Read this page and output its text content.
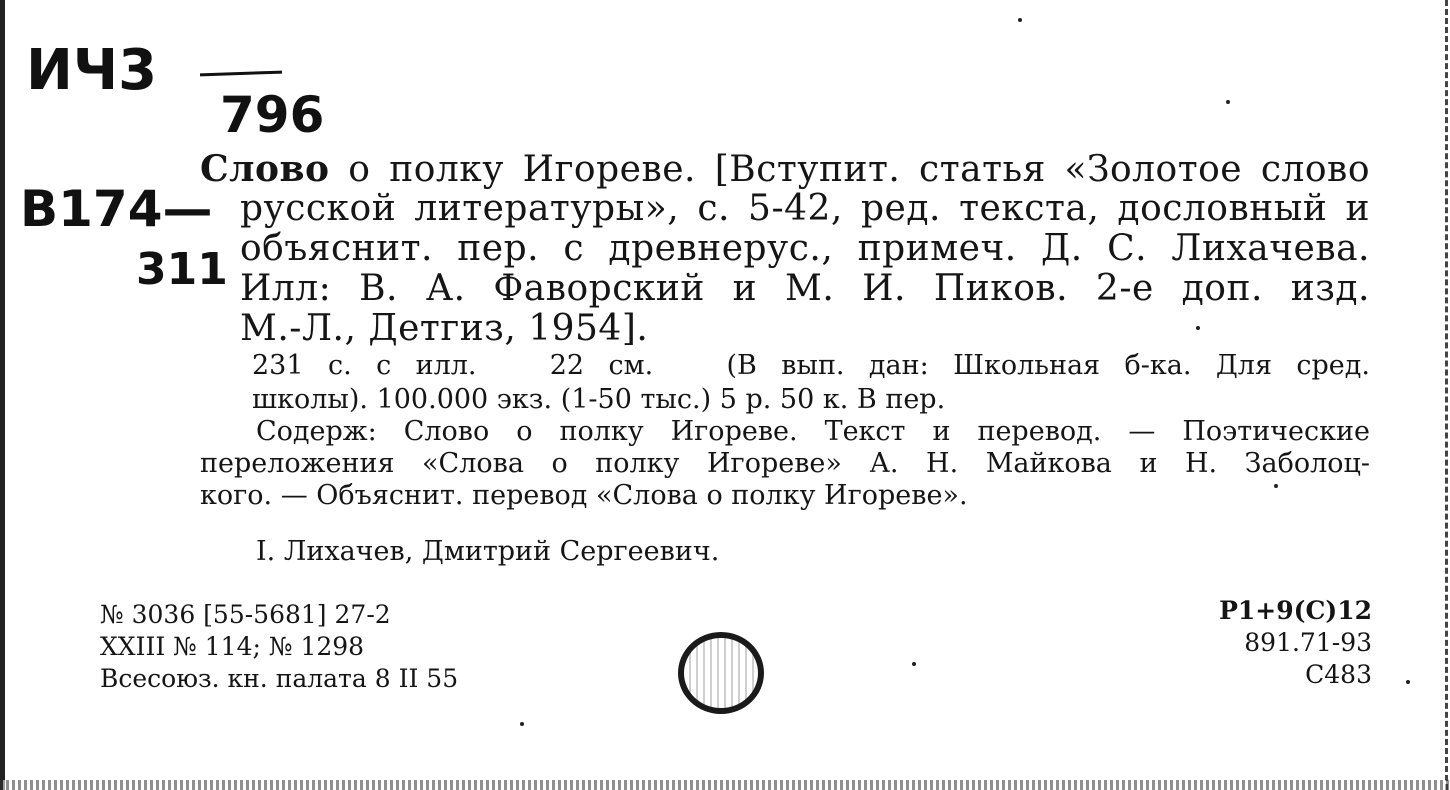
ИЧ3
796
В174—
311
Слово о полку Игореве. [Вступит. статья «Золотое слово
русской литературы», с. 5-42, ред. текста, дословный и
объяснит. пер. с древнерус., примеч. Д. С. Лихачева.
Илл: В. А. Фаворский и М. И. Пиков. 2-е доп. изд.
М.-Л., Детгиз, 1954].
231 с. с илл.   22 см.   (В вып. дан: Школьная б-ка. Для сред.
школы). 100.000 экз. (1-50 тыс.) 5 р. 50 к. В пер.
Содерж: Слово о полку Игореве. Текст и перевод. — Поэтические
переложения «Слова о полку Игореве» А. Н. Майкова и Н. Заболоц-
кого. — Объяснит. перевод «Слова о полку Игореве».
I. Лихачев, Дмитрий Сергеевич.
№ 3036 [55-5681] 27-2
XXIII № 114; № 1298
Всесоюз. кн. палата 8 II 55
Р1+9(С)12
891.71-93
С483
